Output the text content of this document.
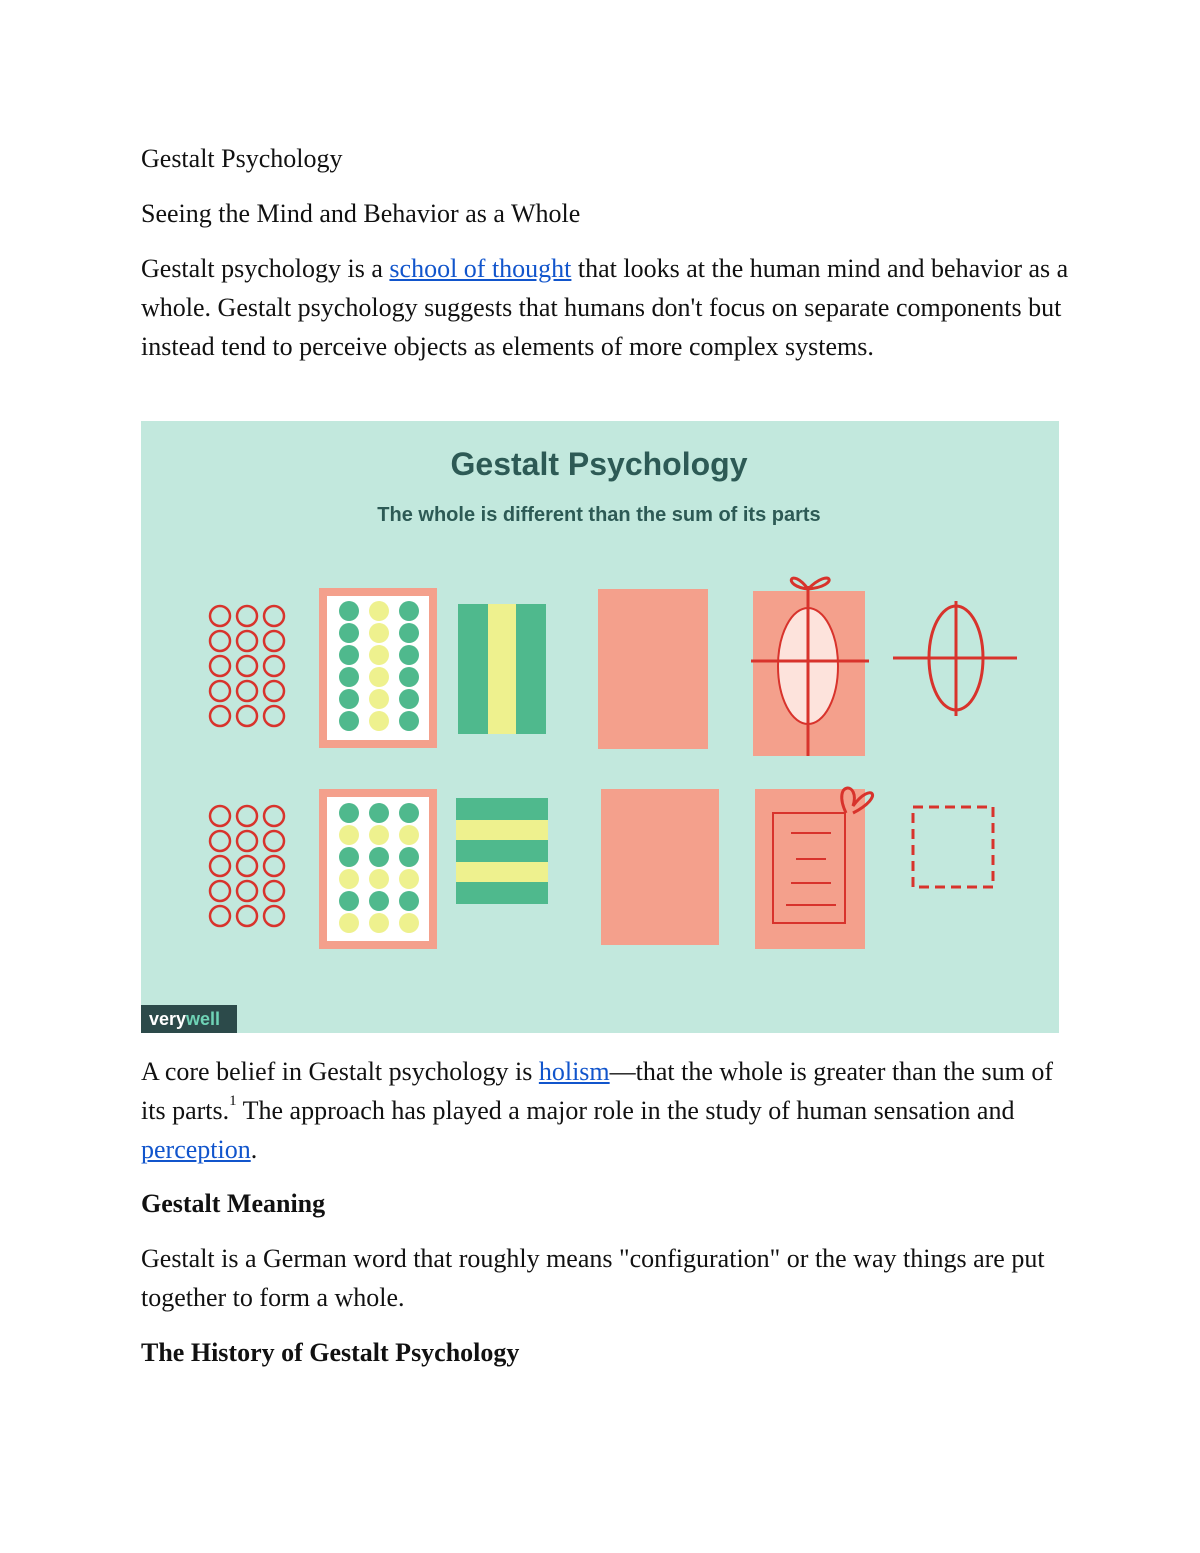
Gestalt Psychology

Seeing the Mind and Behavior as a Whole

Gestalt psychology is a school of thought that looks at the human mind and behavior as a whole. Gestalt psychology suggests that humans don't focus on separate components but instead tend to perceive objects as elements of more complex systems.

Gestalt Psychology
The whole is different than the sum of its parts
verywell

A core belief in Gestalt psychology is holism—that the whole is greater than the sum of its parts.$^1$ The approach has played a major role in the study of human sensation and perception.

Gestalt Meaning

Gestalt is a German word that roughly means "configuration" or the way things are put together to form a whole.

The History of Gestalt Psychology
